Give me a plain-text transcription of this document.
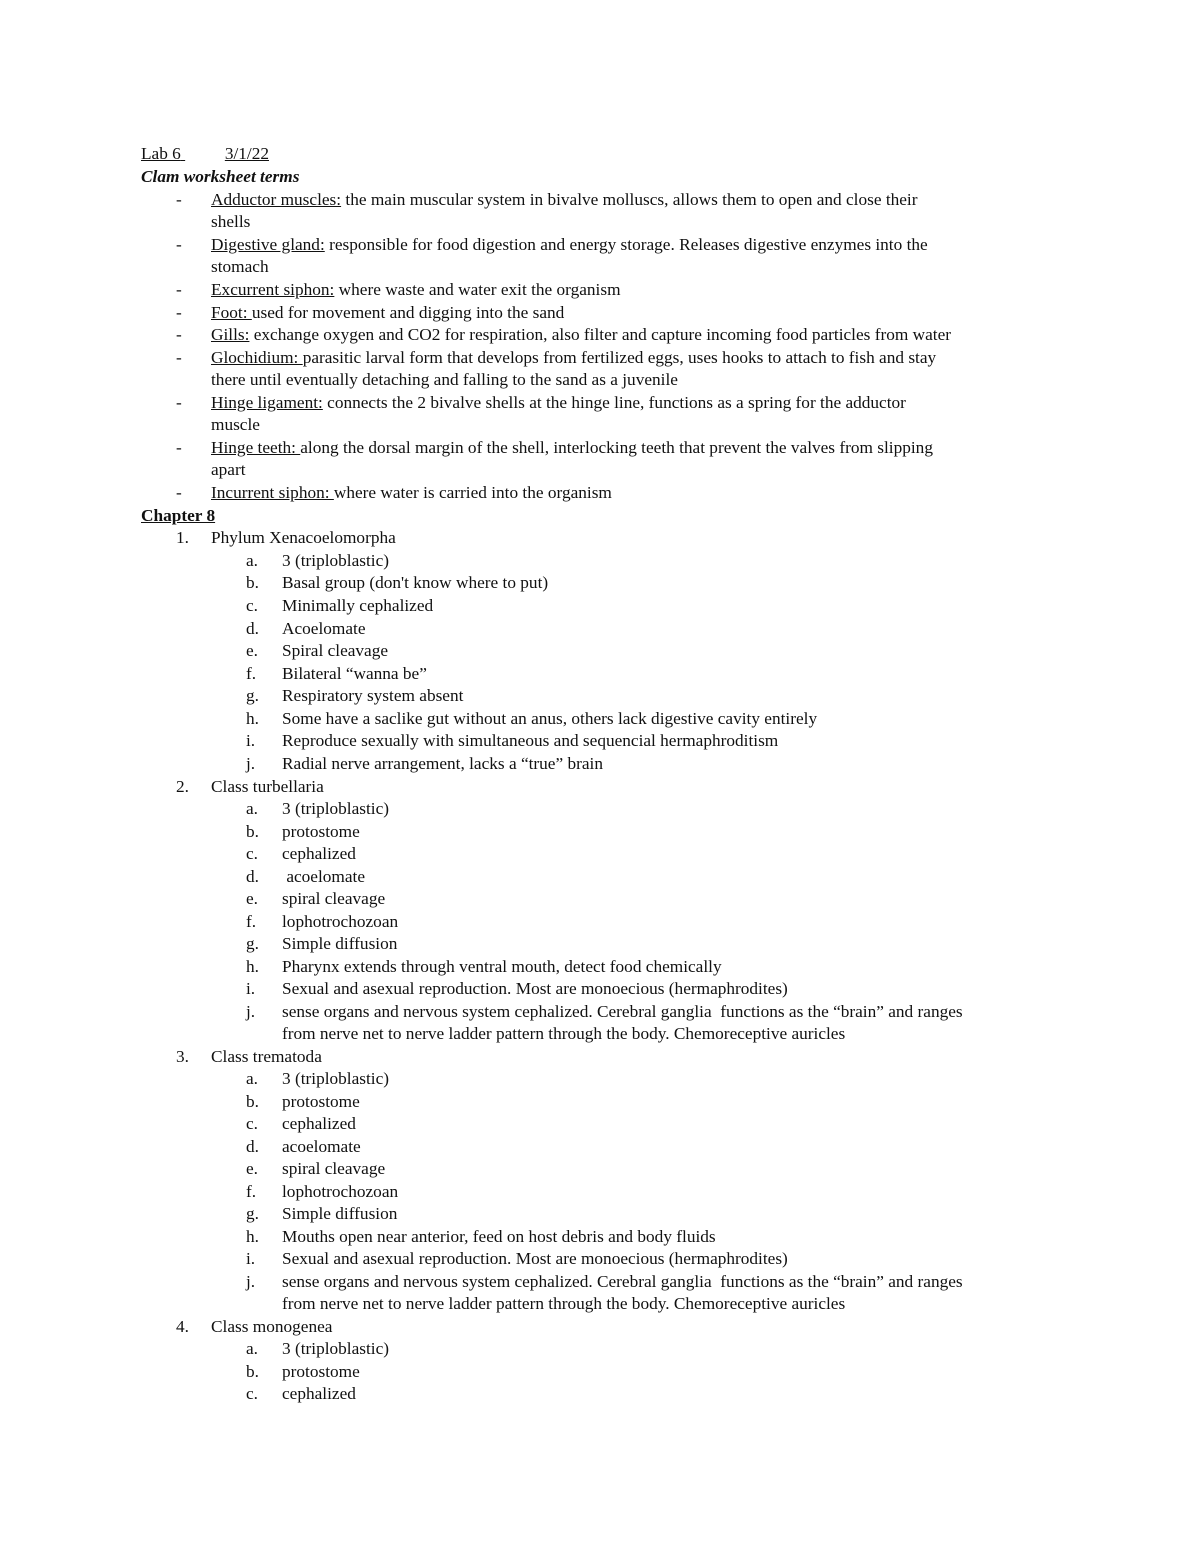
Lab 6	3/1/22
Clam worksheet terms
- Adductor muscles: the main muscular system in bivalve molluscs, allows them to open and close their
shells
- Digestive gland: responsible for food digestion and energy storage. Releases digestive enzymes into the
stomach
- Excurrent siphon: where waste and water exit the organism
- Foot: used for movement and digging into the sand
- Gills: exchange oxygen and CO2 for respiration, also filter and capture incoming food particles from water
- Glochidium: parasitic larval form that develops from fertilized eggs, uses hooks to attach to fish and stay
there until eventually detaching and falling to the sand as a juvenile
- Hinge ligament: connects the 2 bivalve shells at the hinge line, functions as a spring for the adductor
muscle
- Hinge teeth: along the dorsal margin of the shell, interlocking teeth that prevent the valves from slipping
apart
- Incurrent siphon: where water is carried into the organism
Chapter 8
1. Phylum Xenacoelomorpha
a. 3 (triploblastic)
b. Basal group (don't know where to put)
c. Minimally cephalized
d. Acoelomate
e. Spiral cleavage
f. Bilateral “wanna be”
g. Respiratory system absent
h. Some have a saclike gut without an anus, others lack digestive cavity entirely
i. Reproduce sexually with simultaneous and sequencial hermaphroditism
j. Radial nerve arrangement, lacks a “true” brain
2. Class turbellaria
a. 3 (triploblastic)
b. protostome
c. cephalized
d. acoelomate
e. spiral cleavage
f. lophotrochozoan
g. Simple diffusion
h. Pharynx extends through ventral mouth, detect food chemically
i. Sexual and asexual reproduction. Most are monoecious (hermaphrodites)
j. sense organs and nervous system cephalized. Cerebral ganglia  functions as the “brain” and ranges
from nerve net to nerve ladder pattern through the body. Chemoreceptive auricles
3. Class trematoda
a. 3 (triploblastic)
b. protostome
c. cephalized
d. acoelomate
e. spiral cleavage
f. lophotrochozoan
g. Simple diffusion
h. Mouths open near anterior, feed on host debris and body fluids
i. Sexual and asexual reproduction. Most are monoecious (hermaphrodites)
j. sense organs and nervous system cephalized. Cerebral ganglia  functions as the “brain” and ranges
from nerve net to nerve ladder pattern through the body. Chemoreceptive auricles
4. Class monogenea
a. 3 (triploblastic)
b. protostome
c. cephalized
